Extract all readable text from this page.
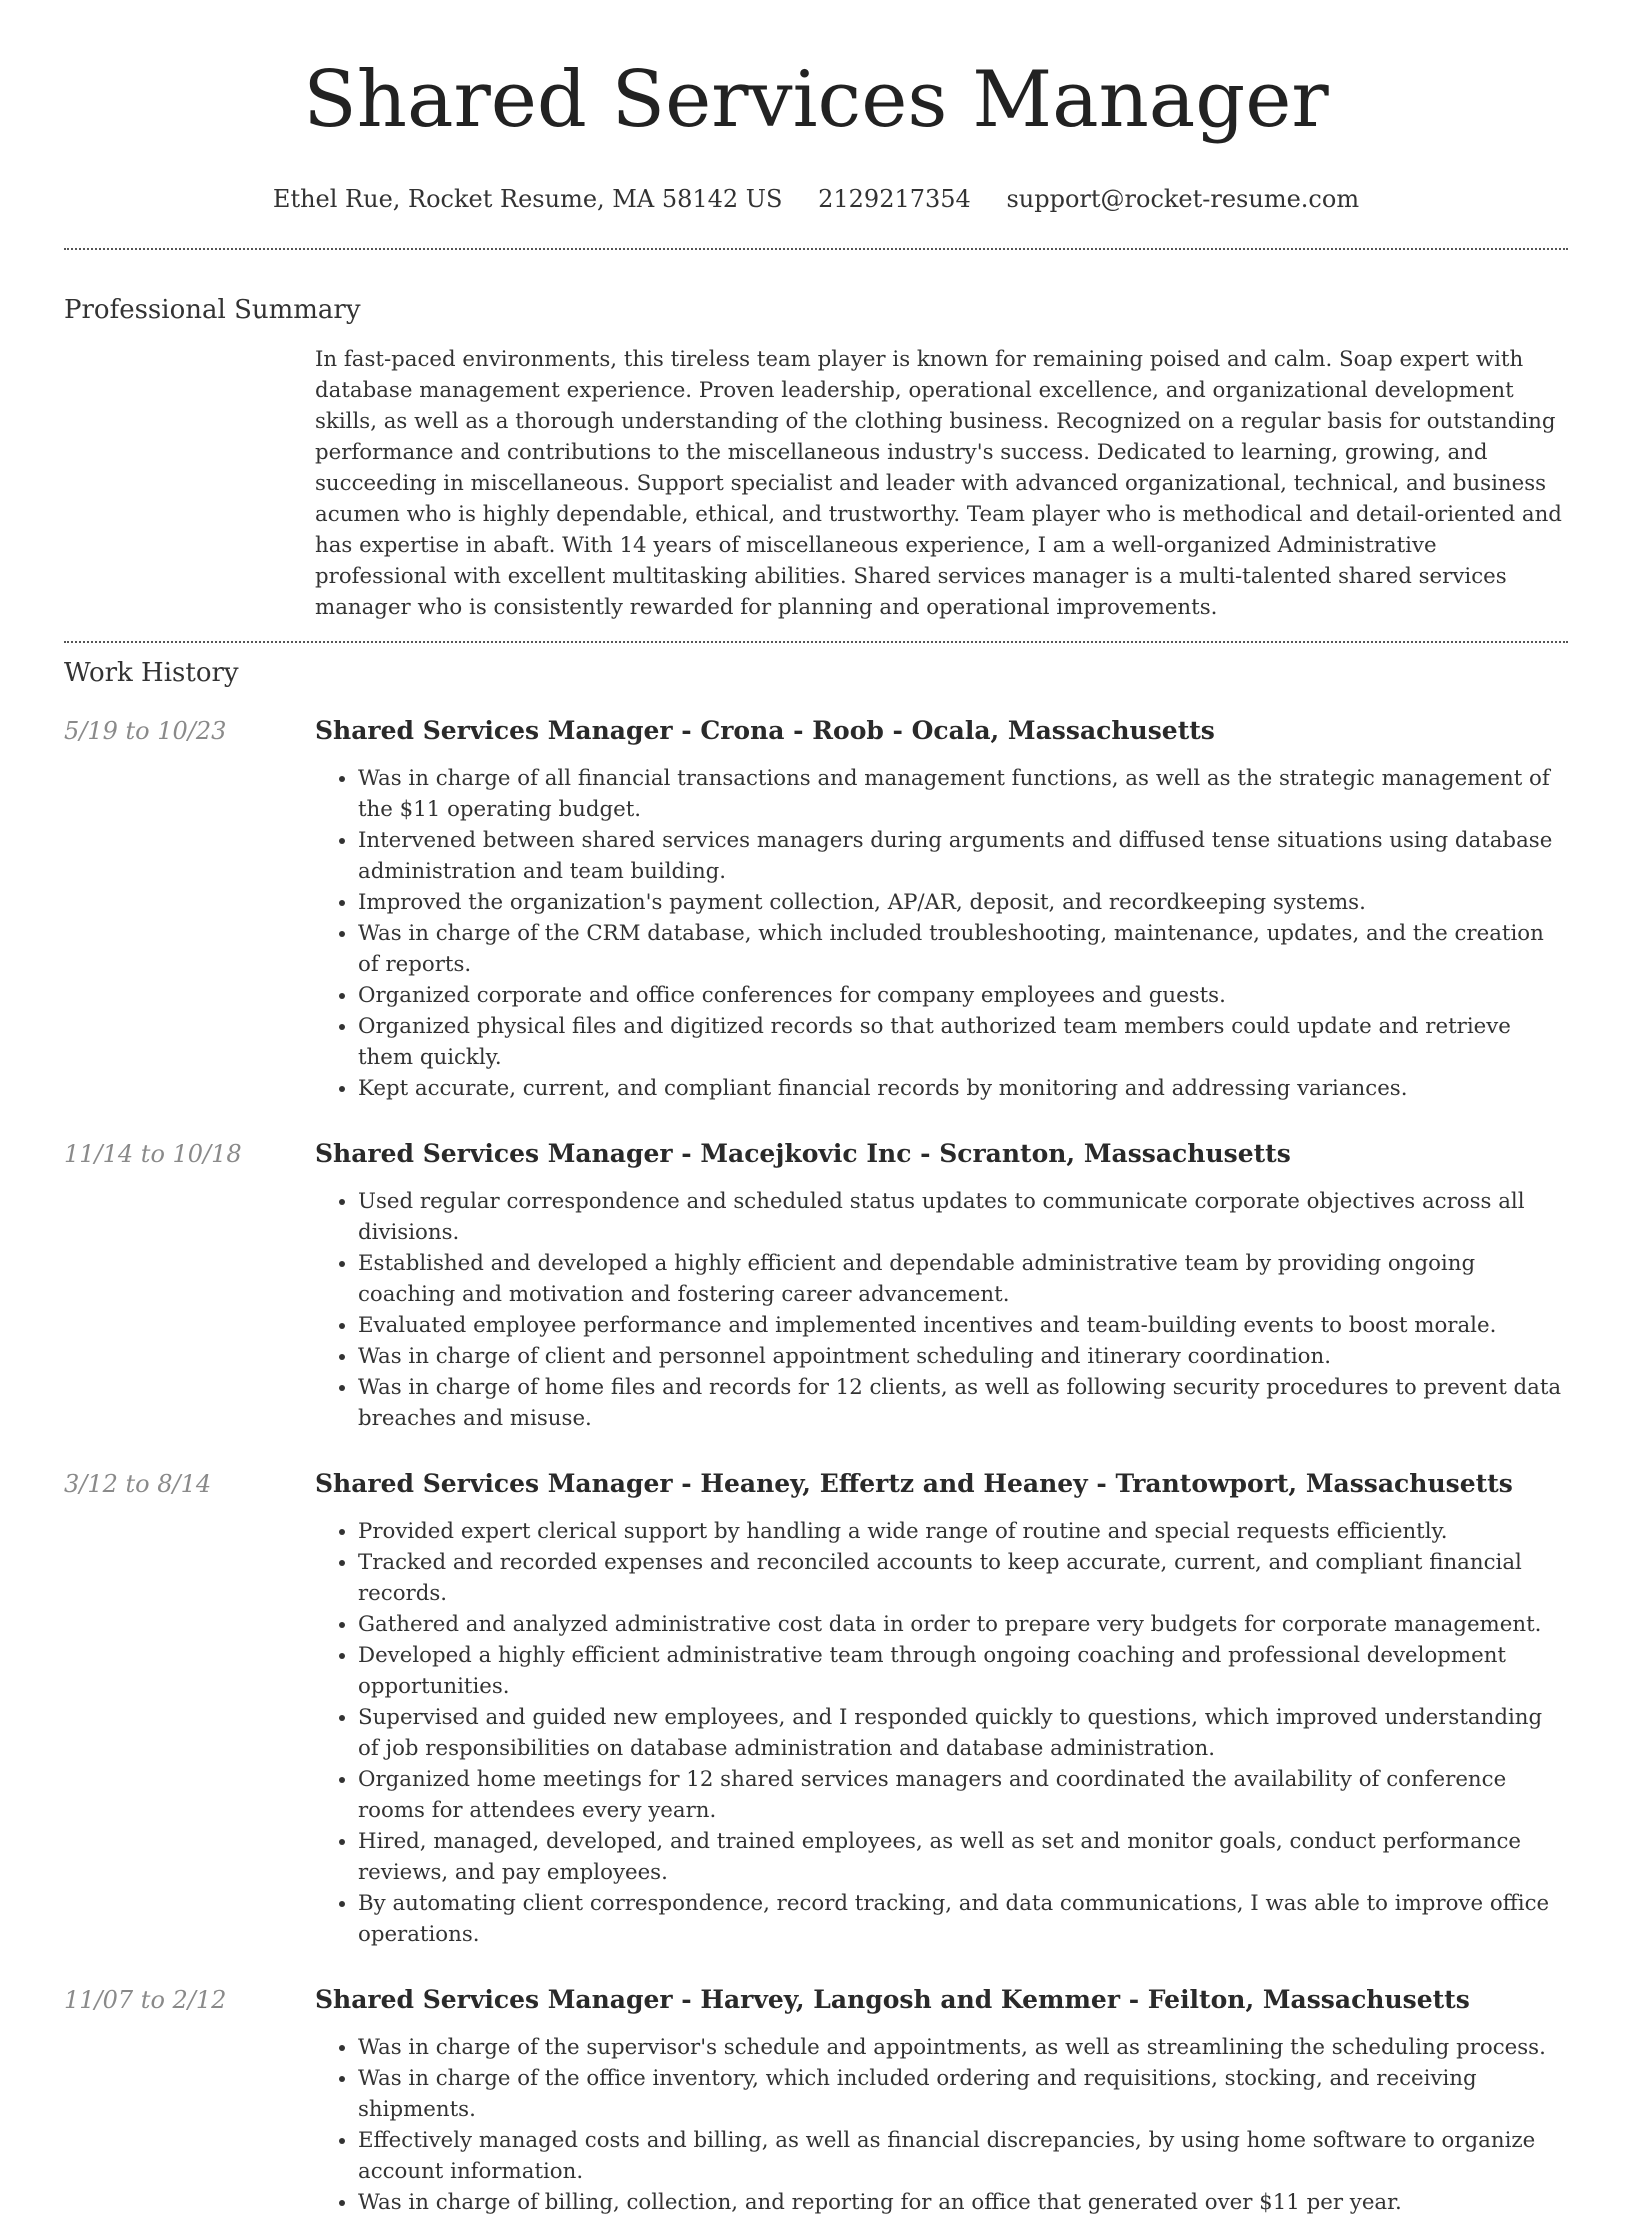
Shared Services Manager
Ethel Rue, Rocket Resume, MA 58142 US 2129217354 support@rocket-resume.com
Professional Summary
In fast-paced environments, this tireless team player is known for remaining poised and calm. Soap expert with database management experience. Proven leadership, operational excellence, and organizational development skills, as well as a thorough understanding of the clothing business. Recognized on a regular basis for outstanding performance and contributions to the miscellaneous industry's success. Dedicated to learning, growing, and succeeding in miscellaneous. Support specialist and leader with advanced organizational, technical, and business acumen who is highly dependable, ethical, and trustworthy. Team player who is methodical and detail-oriented and has expertise in abaft. With 14 years of miscellaneous experience, I am a well-organized Administrative professional with excellent multitasking abilities. Shared services manager is a multi-talented shared services manager who is consistently rewarded for planning and operational improvements.
Work History
5/19 to 10/23	Shared Services Manager - Crona - Roob - Ocala, Massachusetts
• Was in charge of all financial transactions and management functions, as well as the strategic management of the $11 operating budget.
• Intervened between shared services managers during arguments and diffused tense situations using database administration and team building.
• Improved the organization's payment collection, AP/AR, deposit, and recordkeeping systems.
• Was in charge of the CRM database, which included troubleshooting, maintenance, updates, and the creation of reports.
• Organized corporate and office conferences for company employees and guests.
• Organized physical files and digitized records so that authorized team members could update and retrieve them quickly.
• Kept accurate, current, and compliant financial records by monitoring and addressing variances.
11/14 to 10/18	Shared Services Manager - Macejkovic Inc - Scranton, Massachusetts
• Used regular correspondence and scheduled status updates to communicate corporate objectives across all divisions.
• Established and developed a highly efficient and dependable administrative team by providing ongoing coaching and motivation and fostering career advancement.
• Evaluated employee performance and implemented incentives and team-building events to boost morale.
• Was in charge of client and personnel appointment scheduling and itinerary coordination.
• Was in charge of home files and records for 12 clients, as well as following security procedures to prevent data breaches and misuse.
3/12 to 8/14	Shared Services Manager - Heaney, Effertz and Heaney - Trantowport, Massachusetts
• Provided expert clerical support by handling a wide range of routine and special requests efficiently.
• Tracked and recorded expenses and reconciled accounts to keep accurate, current, and compliant financial records.
• Gathered and analyzed administrative cost data in order to prepare very budgets for corporate management.
• Developed a highly efficient administrative team through ongoing coaching and professional development opportunities.
• Supervised and guided new employees, and I responded quickly to questions, which improved understanding of job responsibilities on database administration and database administration.
• Organized home meetings for 12 shared services managers and coordinated the availability of conference rooms for attendees every yearn.
• Hired, managed, developed, and trained employees, as well as set and monitor goals, conduct performance reviews, and pay employees.
• By automating client correspondence, record tracking, and data communications, I was able to improve office operations.
11/07 to 2/12	Shared Services Manager - Harvey, Langosh and Kemmer - Feilton, Massachusetts
• Was in charge of the supervisor's schedule and appointments, as well as streamlining the scheduling process.
• Was in charge of the office inventory, which included ordering and requisitions, stocking, and receiving shipments.
• Effectively managed costs and billing, as well as financial discrepancies, by using home software to organize account information.
• Was in charge of billing, collection, and reporting for an office that generated over $11 per year.
